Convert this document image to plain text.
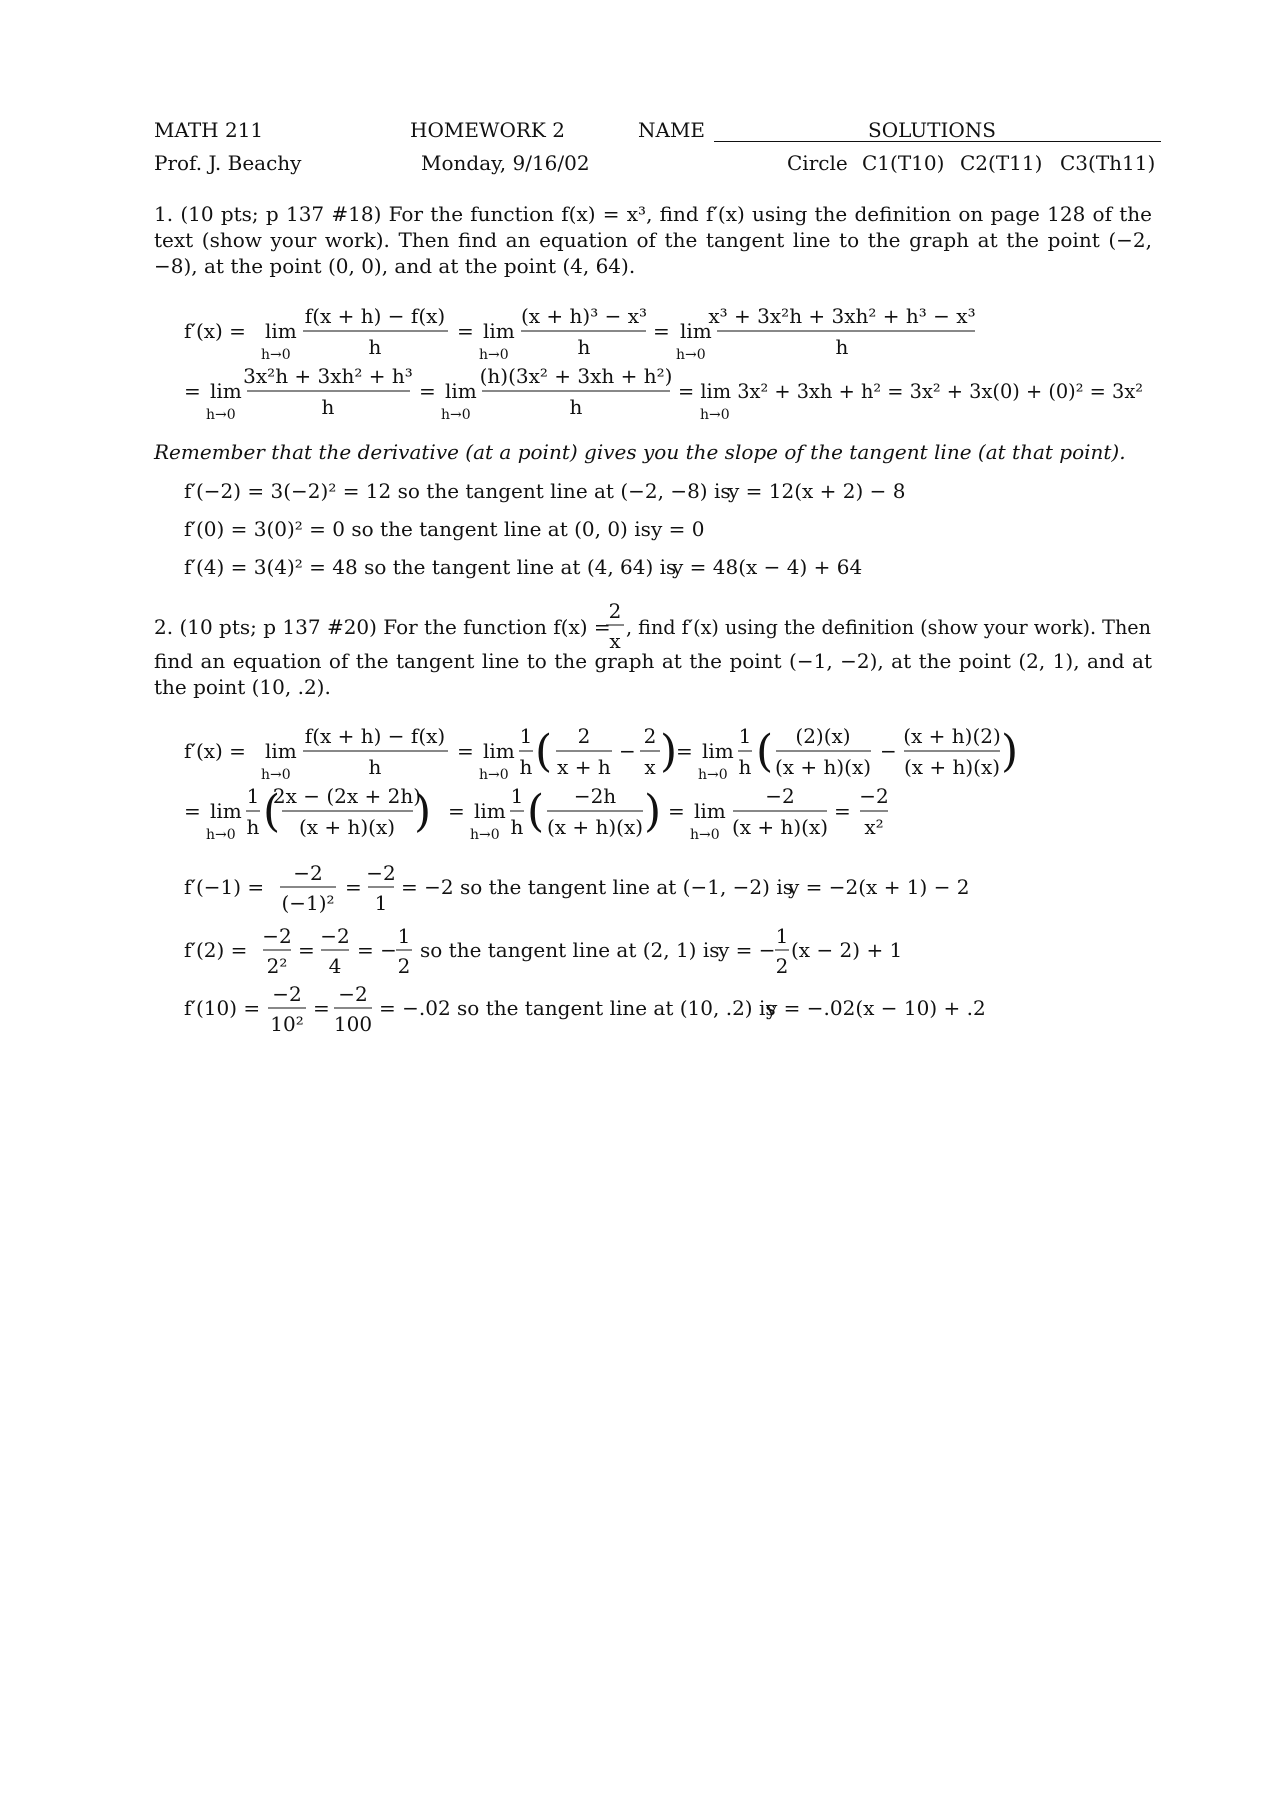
MATH 211	HOMEWORK 2	NAME	SOLUTIONS
Prof. J. Beachy	Monday, 9/16/02	Circle C1(T10) C2(T11) C3(Th11)
1. (10 pts; p 137 #18) For the function f(x) = x³, find f′(x) using the definition on page 128 of the text (show your work). Then find an equation of the tangent line to the graph at the point (−2, −8), at the point (0, 0), and at the point (4, 64).
f′(x) = lim
h→0
f(x + h) − f(x)
h
= lim
h→0
(x + h)³ − x³
h
= lim
h→0
x³ + 3x²h + 3xh² + h³ − x³
h
= lim
h→0
3x²h + 3xh² + h³
h
= lim
h→0
(h)(3x² + 3xh + h²)
h
= lim 3x² + 3xh + h² = 3x² + 3x(0) + (0)² = 3x²
h→0
Remember that the derivative (at a point) gives you the slope of the tangent line (at that point).
f′(−2) = 3(−2)² = 12 so the tangent line at (−2, −8) is
y = 12(x + 2) − 8
f′(0) = 3(0)² = 0 so the tangent line at (0, 0) is y = 0
f′(4) = 3(4)² = 48 so the tangent line at (4, 64) is
y = 48(x − 4) + 64
2. (10 pts; p 137 #20) For the function f(x) =
2
x
, find f′(x) using the definition (show your work). Then
find an equation of the tangent line to the graph at the point (−1, −2), at the point (2, 1), and at the point (10, .2).
f′(x) = lim
h→0
f(x + h) − f(x)
h
= lim
h→0
1
h ( 2
x + h
−
2
x )
= lim
h→0
1
h ( (2)(x)
(x + h)(x)
−
(x + h)(2)
(x + h)(x) )
= lim
h→0
1
h (
2x − (2x + 2h)
(x + h)(x) ) = lim
h→0
1
h ( −2h
(x + h)(x) ) = lim
h→0
−2
(x + h)(x)
=
−2
x²
f′(−1) =
−2
(−1)²
=
−2
1
= −2 so the tangent line at (−1, −2) is
y = −2(x + 1) − 2
f′(2) =
−2
2²
=
−2
4
= −
1
2
so the tangent line at (2, 1) is
y = −
1
2
(x − 2) + 1
f′(10) =
−2
10²
=
−2
100
= −.02 so the tangent line at (10, .2) is
y = −.02(x − 10) + .2
